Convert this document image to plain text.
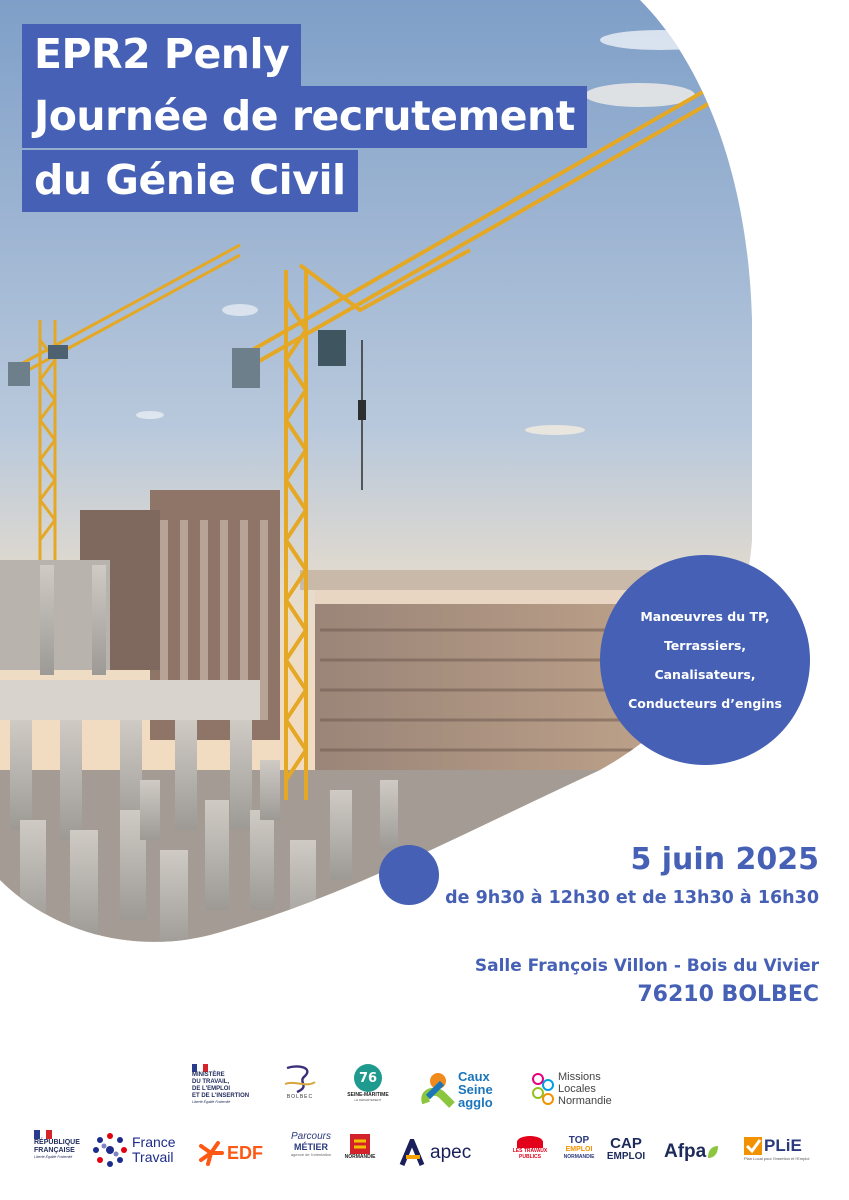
EPR2 Penly
Journée de recrutement
du Génie Civil
Manœuvres du TP,
Terrassiers,
Canalisateurs,
Conducteurs d’engins
5 juin 2025
de 9h30 à 12h30 et de 13h30 à 16h30
Salle François Villon - Bois du Vivier
76210 BOLBEC
MINISTÈRE
DU TRAVAIL,
DE L'EMPLOI
ET DE L'INSERTION
Liberté Égalité Fraternité
BOLBEC
76
SEINE-MARITIME
LE DÉPARTEMENT
Caux
Seine
agglo
Missions
Locales
Normandie
RÉPUBLIQUE
FRANÇAISE
Liberté Égalité Fraternité
France
Travail	EDF
Parcours
MÉTIER
agence de l'orientation	NORMANDIE	apec	LES TRAVAUX
PUBLICS
TOP
EMPLOI
NORMANDIE
CAP
EMPLOI Afpa	PLiE
Plan Local pour l'Insertion et l'Emploi
